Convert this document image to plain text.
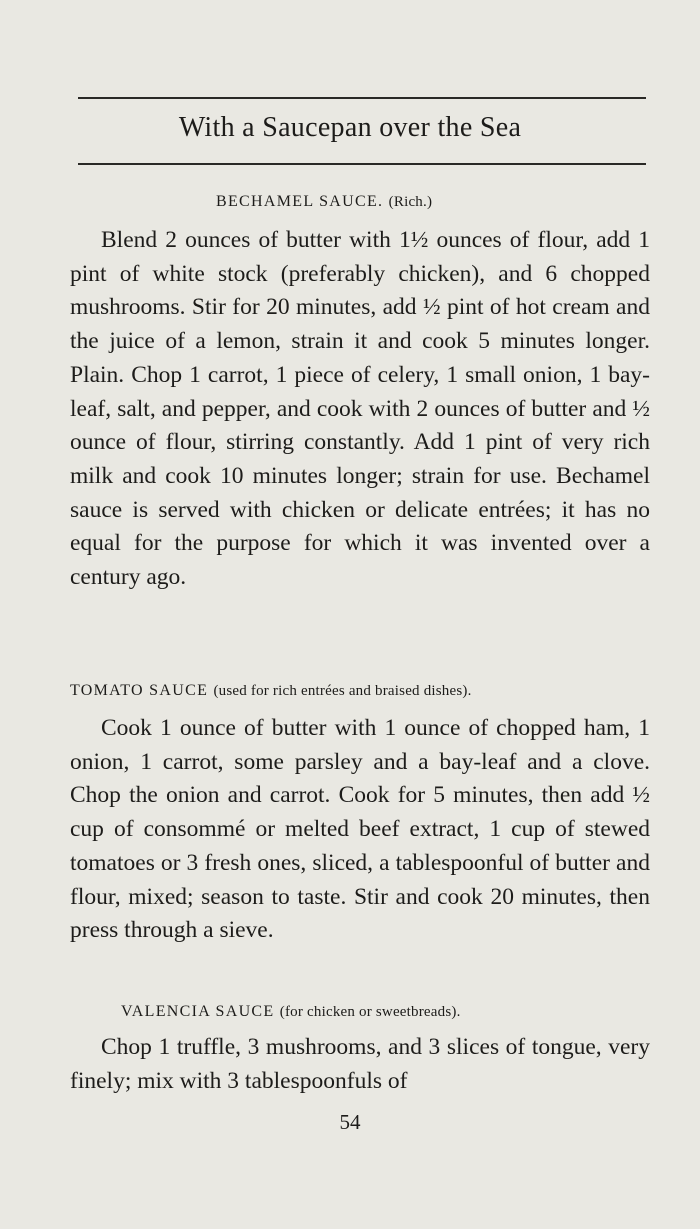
With a Saucepan over the Sea
BECHAMEL SAUCE. (Rich.)
Blend 2 ounces of butter with 1½ ounces of flour, add 1 pint of white stock (preferably chicken), and 6 chopped mushrooms. Stir for 20 minutes, add ½ pint of hot cream and the juice of a lemon, strain it and cook 5 minutes longer. Plain. Chop 1 carrot, 1 piece of celery, 1 small onion, 1 bay-leaf, salt, and pepper, and cook with 2 ounces of butter and ½ ounce of flour, stirring constantly. Add 1 pint of very rich milk and cook 10 minutes longer; strain for use. Bechamel sauce is served with chicken or delicate entrées; it has no equal for the purpose for which it was invented over a century ago.
TOMATO SAUCE (used for rich entrées and braised dishes).
Cook 1 ounce of butter with 1 ounce of chopped ham, 1 onion, 1 carrot, some parsley and a bay-leaf and a clove. Chop the onion and carrot. Cook for 5 minutes, then add ½ cup of consommé or melted beef extract, 1 cup of stewed tomatoes or 3 fresh ones, sliced, a tablespoonful of butter and flour, mixed; season to taste. Stir and cook 20 minutes, then press through a sieve.
VALENCIA SAUCE (for chicken or sweetbreads).
Chop 1 truffle, 3 mushrooms, and 3 slices of tongue, very finely; mix with 3 tablespoonfuls of
54
